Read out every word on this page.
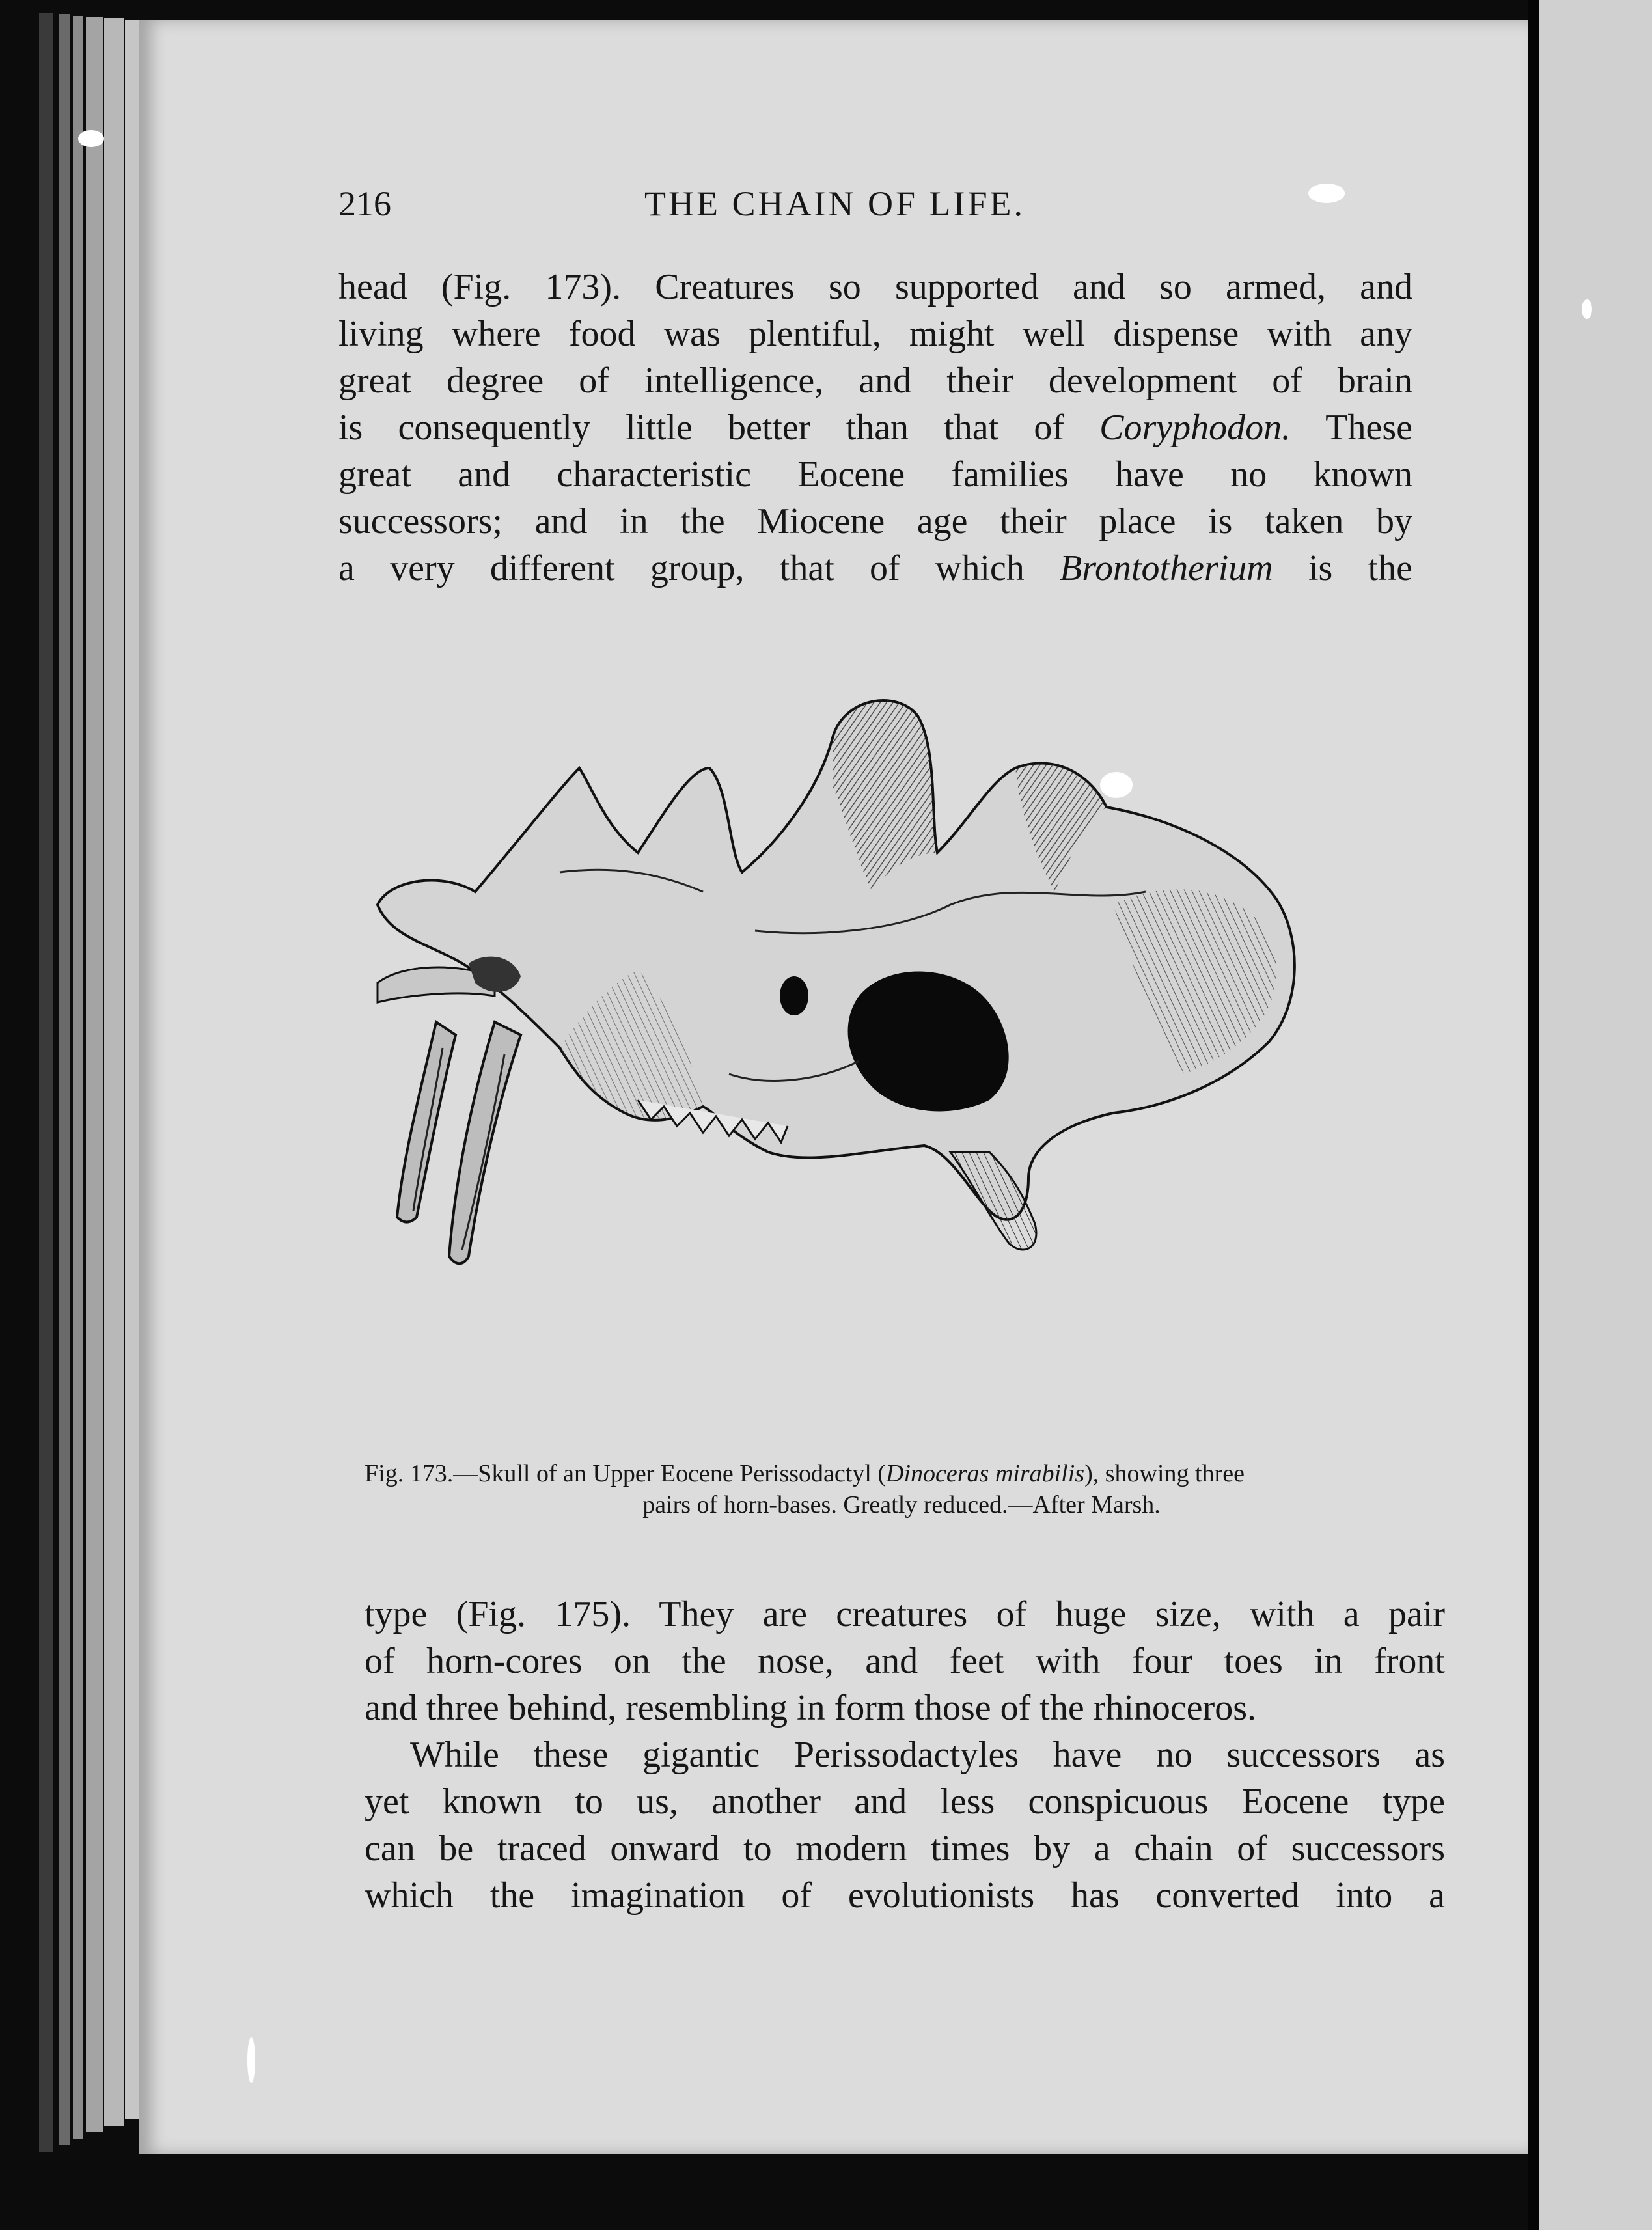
216	THE CHAIN OF LIFE.
head (Fig. 173). Creatures so supported and so armed, and
living where food was plentiful, might well dispense with any
great degree of intelligence, and their development of brain
is consequently little better than that of Coryphodon. These
great and characteristic Eocene families have no known
successors; and in the Miocene age their place is taken by
a very different group, that of which Brontotherium is the
Fig. 173.—Skull of an Upper Eocene Perissodactyl (Dinoceras mirabilis), showing three
pairs of horn-bases. Greatly reduced.—After Marsh.
type (Fig. 175). They are creatures of huge size, with a pair
of horn-cores on the nose, and feet with four toes in front
and three behind, resembling in form those of the rhinoceros.
While these gigantic Perissodactyles have no successors as
yet known to us, another and less conspicuous Eocene type
can be traced onward to modern times by a chain of successors
which the imagination of evolutionists has converted into a
